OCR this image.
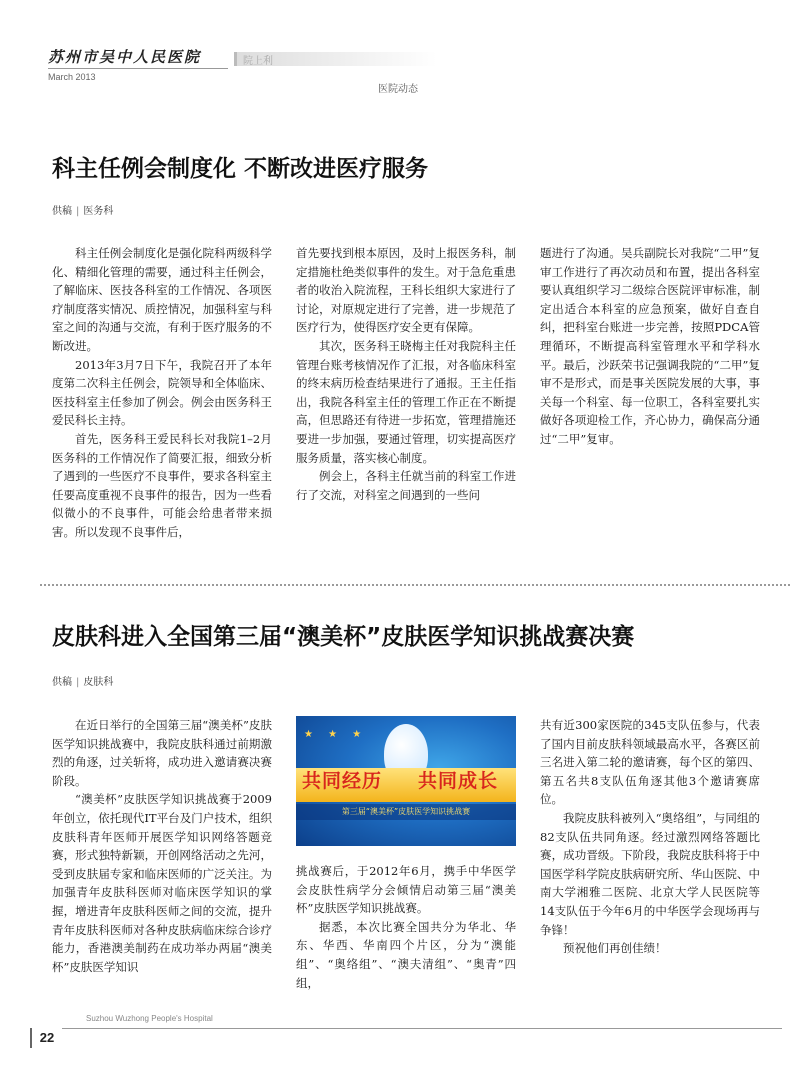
苏州市吴中人民医院
March 2013
院上利
医院动态
科主任例会制度化 不断改进医疗服务
供稿 | 医务科

科主任例会制度化是强化院科两级科学化、精细化管理的需要，通过科主任例会，了解临床、医技各科室的工作情况、各项医疗制度落实情况、质控情况，加强科室与科室之间的沟通与交流，有利于医疗服务的不断改进。

2013年3月7日下午，我院召开了本年度第二次科主任例会，院领导和全体临床、医技科室主任参加了例会。例会由医务科王爱民科长主持。

首先，医务科王爱民科长对我院1–2月医务科的工作情况作了简要汇报，细致分析了遇到的一些医疗不良事件，要求各科室主任要高度重视不良事件的报告，因为一些看似微小的不良事件，可能会给患者带来损害。所以发现不良事件后，

首先要找到根本原因，及时上报医务科，制定措施杜绝类似事件的发生。对于急危重患者的收治入院流程，王科长组织大家进行了讨论，对原规定进行了完善，进一步规范了医疗行为，使得医疗安全更有保障。

其次，医务科王晓梅主任对我院科主任管理台账考核情况作了汇报，对各临床科室的终末病历检查结果进行了通报。王主任指出，我院各科室主任的管理工作正在不断提高，但思路还有待进一步拓宽，管理措施还要进一步加强，要通过管理，切实提高医疗服务质量，落实核心制度。

例会上，各科主任就当前的科室工作进行了交流，对科室之间遇到的一些问

题进行了沟通。吴兵副院长对我院“二甲”复审工作进行了再次动员和布置，提出各科室要认真组织学习二级综合医院评审标准，制定出适合本科室的应急预案，做好自查自纠，把科室台账进一步完善，按照PDCA管理循环，不断提高科室管理水平和学科水平。最后，沙跃荣书记强调我院的“二甲”复审不是形式，而是事关医院发展的大事，事关每一个科室、每一位职工，各科室要扎实做好各项迎检工作，齐心协力，确保高分通过“二甲”复审。

皮肤科进入全国第三届“澳美杯”皮肤医学知识挑战赛决赛
供稿 | 皮肤科

在近日举行的全国第三届“澳美杯”皮肤医学知识挑战赛中，我院皮肤科通过前期激烈的角逐，过关斩将，成功进入邀请赛决赛阶段。

“澳美杯”皮肤医学知识挑战赛于2009年创立，依托现代IT平台及门户技术，组织皮肤科青年医师开展医学知识网络答题竞赛，形式独特新颖，开创网络活动之先河，受到皮肤届专家和临床医师的广泛关注。为加强青年皮肤科医师对临床医学知识的掌握，增进青年皮肤科医师之间的交流，提升青年皮肤科医师对各种皮肤病临床综合诊疗能力，香港澳美制药在成功举办两届“澳美杯”皮肤医学知识

★ ★ ★
共同经历 共同成长
第三届“澳美杯”皮肤医学知识挑战赛

挑战赛后，于2012年6月，携手中华医学会皮肤性病学分会倾情启动第三届“澳美杯”皮肤医学知识挑战赛。

据悉，本次比赛全国共分为华北、华东、华西、华南四个片区，分为“澳能组”、“奥络组”、“澳夫清组”、“奥青”四组，

共有近300家医院的345支队伍参与，代表了国内目前皮肤科领域最高水平，各赛区前三名进入第二轮的邀请赛，每个区的第四、第五名共8支队伍角逐其他3个邀请赛席位。

我院皮肤科被列入“奥络组”，与同组的82支队伍共同角逐。经过激烈网络答题比赛，成功晋级。下阶段，我院皮肤科将于中国医学科学院皮肤病研究所、华山医院、中南大学湘雅二医院、北京大学人民医院等14支队伍于今年6月的中华医学会现场再与争锋！

预祝他们再创佳绩！

Suzhou Wuzhong People's Hospital
22
